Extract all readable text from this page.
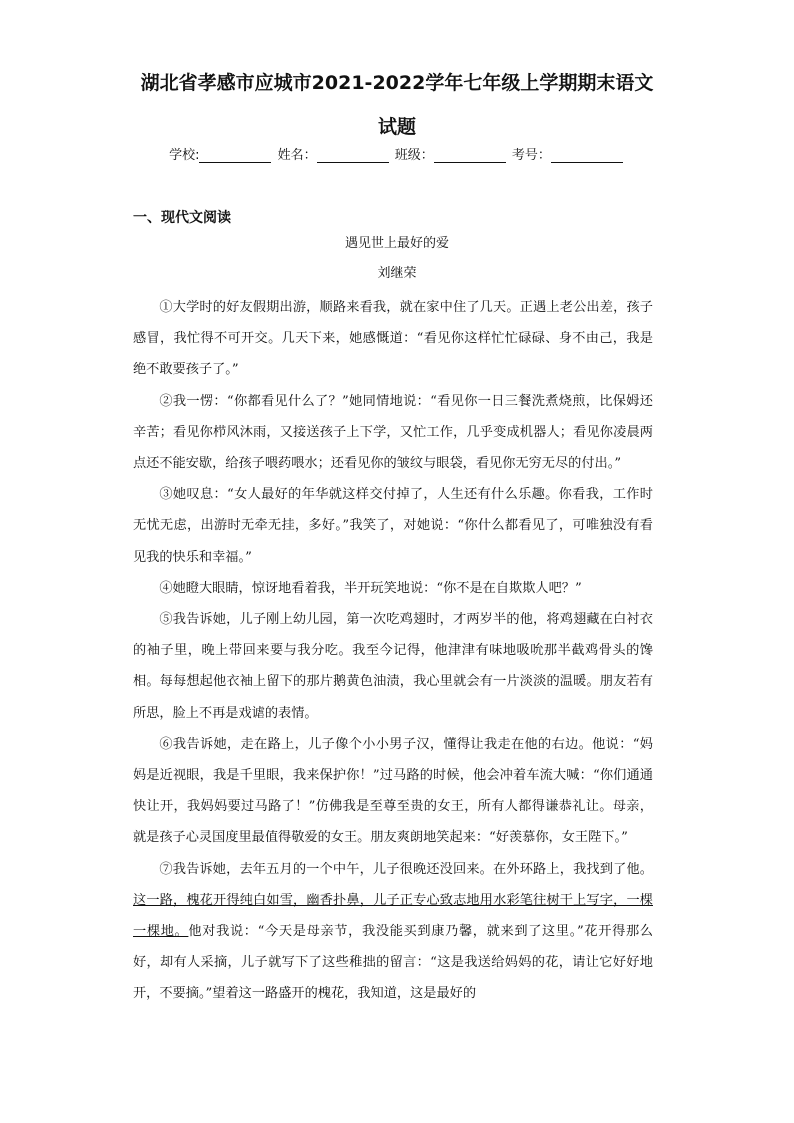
湖北省孝感市应城市2021-2022学年七年级上学期期末语文
试题
学校:	姓名：	班级：	考号：
一、现代文阅读
遇见世上最好的爱
刘继荣

①大学时的好友假期出游，顺路来看我，就在家中住了几天。正遇上老公出差，孩子感冒，我忙得不可开交。几天下来，她感慨道：“看见你这样忙忙碌碌、身不由己，我是绝不敢要孩子了。”

②我一愣：“你都看见什么了？”她同情地说：“看见你一日三餐洗煮烧煎，比保姆还辛苦；看见你栉风沐雨，又接送孩子上下学，又忙工作，几乎变成机器人；看见你凌晨两点还不能安歇，给孩子喂药喂水；还看见你的皱纹与眼袋，看见你无穷无尽的付出。”

③她叹息：“女人最好的年华就这样交付掉了，人生还有什么乐趣。你看我，工作时无忧无虑，出游时无牵无挂，多好。”我笑了，对她说：“你什么都看见了，可唯独没有看见我的快乐和幸福。”

④她瞪大眼睛，惊讶地看着我，半开玩笑地说：“你不是在自欺欺人吧？”

⑤我告诉她，儿子刚上幼儿园，第一次吃鸡翅时，才两岁半的他，将鸡翅藏在白衬衣的袖子里，晚上带回来要与我分吃。我至今记得，他津津有味地吸吮那半截鸡骨头的馋相。每每想起他衣袖上留下的那片鹅黄色油渍，我心里就会有一片淡淡的温暖。朋友若有所思，脸上不再是戏谑的表情。

⑥我告诉她，走在路上，儿子像个小小男子汉，懂得让我走在他的右边。他说：“妈妈是近视眼，我是千里眼，我来保护你！”过马路的时候，他会冲着车流大喊：“你们通通快让开，我妈妈要过马路了！”仿佛我是至尊至贵的女王，所有人都得谦恭礼让。母亲，就是孩子心灵国度里最值得敬爱的女王。朋友爽朗地笑起来：“好羡慕你，女王陛下。”

⑦我告诉她，去年五月的一个中午，儿子很晚还没回来。在外环路上，我找到了他。这一路，槐花开得纯白如雪，幽香扑鼻，儿子正专心致志地用水彩笔往树干上写字，一棵一棵地。他对我说：“今天是母亲节，我没能买到康乃馨，就来到了这里。”花开得那么好，却有人采摘，儿子就写下了这些稚拙的留言：“这是我送给妈妈的花，请让它好好地开，不要摘。”望着这一路盛开的槐花，我知道，这是最好的
